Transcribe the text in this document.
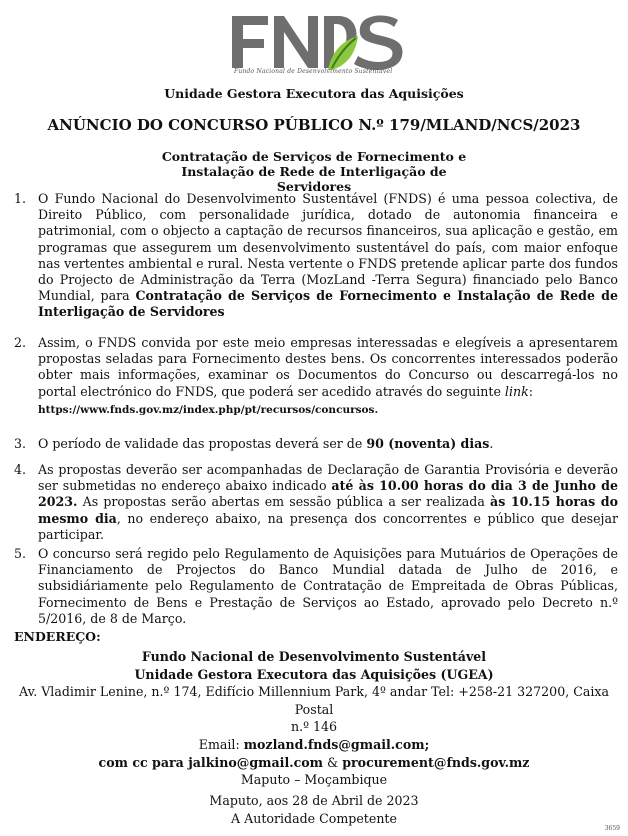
Fundo Nacional de Desenvolvimento Sustentável
Unidade Gestora Executora das Aquisições
ANÚNCIO DO CONCURSO PÚBLICO N.º 179/MLAND/NCS/2023
Contratação de Serviços de Fornecimento e Instalação de Rede de Interligação de Servidores
1. O Fundo Nacional do Desenvolvimento Sustentável (FNDS) é uma pessoa colectiva, de Direito Público, com personalidade jurídica, dotado de autonomia financeira e patrimonial, com o objecto a captação de recursos financeiros, sua aplicação e gestão, em programas que assegurem um desenvolvimento sustentável do país, com maior enfoque nas vertentes ambiental e rural. Nesta vertente o FNDS pretende aplicar parte dos fundos do Projecto de Administração da Terra (MozLand -Terra Segura) financiado pelo Banco Mundial, para Contratação de Serviços de Fornecimento e Instalação de Rede de Interligação de Servidores

2. Assim, o FNDS convida por este meio empresas interessadas e elegíveis a apresentarem propostas seladas para Fornecimento destes bens. Os concorrentes interessados poderão obter mais informações, examinar os Documentos do Concurso ou descarregá-los no portal electrónico do FNDS, que poderá ser acedido através do seguinte link:

https://www.fnds.gov.mz/index.php/pt/recursos/concursos.
3. O período de validade das propostas deverá ser de 90 (noventa) dias.

4. As propostas deverão ser acompanhadas de Declaração de Garantia Provisória e deverão ser submetidas no endereço abaixo indicado até às 10.00 horas do dia 3 de Junho de 2023. As propostas serão abertas em sessão pública a ser realizada às 10.15 horas do mesmo dia, no endereço abaixo, na presença dos concorrentes e público que desejar participar.

5. O concurso será regido pelo Regulamento de Aquisições para Mutuários de Operações de Financiamento de Projectos do Banco Mundial datada de Julho de 2016, e subsidiáriamente pelo Regulamento de Contratação de Empreitada de Obras Públicas, Fornecimento de Bens e Prestação de Serviços ao Estado, aprovado pelo Decreto n.º 5/2016, de 8 de Março.

ENDEREÇO:
Fundo Nacional de Desenvolvimento Sustentável
Unidade Gestora Executora das Aquisições (UGEA)
Av. Vladimir Lenine, n.º 174, Edifício Millennium Park, 4º andar Tel: +258-21 327200, Caixa Postal
n.º 146
Email: mozland.fnds@gmail.com;
com cc para jalkino@gmail.com & procurement@fnds.gov.mz
Maputo – Moçambique
Maputo, aos 28 de Abril de 2023
A Autoridade Competente
3659
